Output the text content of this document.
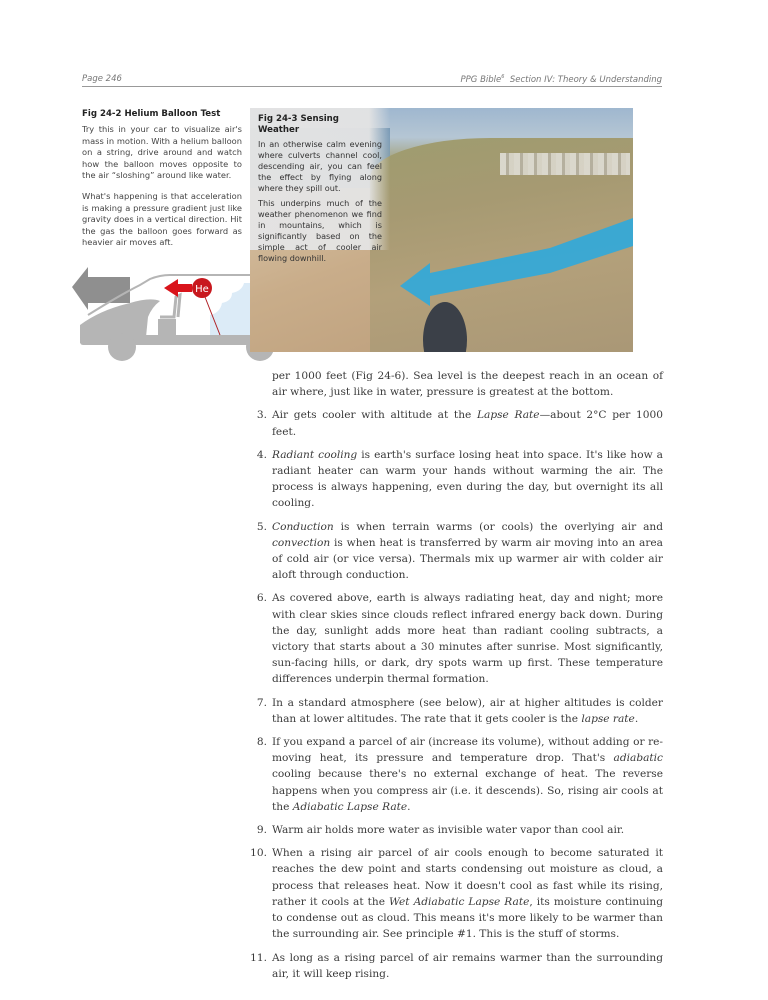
Page 246	PPG Bible$^6$ Section IV: Theory & Understanding
Fig 24-2 Helium Balloon Test

Try this in your car to visualize air's mass in motion. With a helium balloon on a string, drive around and watch how the balloon moves opposite to the air “sloshing” around like water.

What's happening is that acceleration is making a pressure gradient just like gravity does in a vertical direction. Hit the gas the balloon goes forward as heavier air moves aft.

He
Fig 24-3 Sensing Weather

In an otherwise calm evening where culverts channel cool, descending air, you can feel the effect by flying along where they spill out.

This underpins much of the weather phenomenon we find in mountains, which is significantly based on the simple act of cooler air flowing downhill.

per 1000 feet (Fig 24-6). Sea level is the deepest reach in an ocean of air where, just like in water, pressure is greatest at the bottom.

3. Air gets cooler with altitude at the Lapse Rate—about 2°C per 1000 feet.
4. Radiant cooling is earth's surface losing heat into space. It's like how a radiant heater can warm your hands without warming the air. The process is always happening, even during the day, but overnight its all cooling.
5. Conduction is when terrain warms (or cools) the overlying air and convection is when heat is transferred by warm air moving into an area of cold air (or vice versa). Thermals mix up warmer air with colder air aloft through conduction.
6. As covered above, earth is always radiating heat, day and night; more with clear skies since clouds reflect infrared energy back down. During the day, sunlight adds more heat than radiant cooling subtracts, a victory that starts about a 30 minutes after sunrise. Most significantly, sun-facing hills, or dark, dry spots warm up first. These temperature differences underpin thermal formation.
7. In a standard atmosphere (see below), air at higher altitudes is colder than at lower altitudes. The rate that it gets cooler is the lapse rate.
8. If you expand a parcel of air (increase its volume), without adding or re-moving heat, its pressure and temperature drop. That's adiabatic cooling because there's no external exchange of heat. The reverse happens when you compress air (i.e. it descends). So, rising air cools at the Adiabatic Lapse Rate.
9. Warm air holds more water as invisible water vapor than cool air.
10. When a rising air parcel of air cools enough to become saturated it reaches the dew point and starts condensing out moisture as cloud, a process that releases heat. Now it doesn't cool as fast while its rising, rather it cools at the Wet Adiabatic Lapse Rate, its moisture continuing to condense out as cloud. This means it's more likely to be warmer than the surrounding air. See principle #1. This is the stuff of storms.
11. As long as a rising parcel of air remains warmer than the surrounding air, it will keep rising.
